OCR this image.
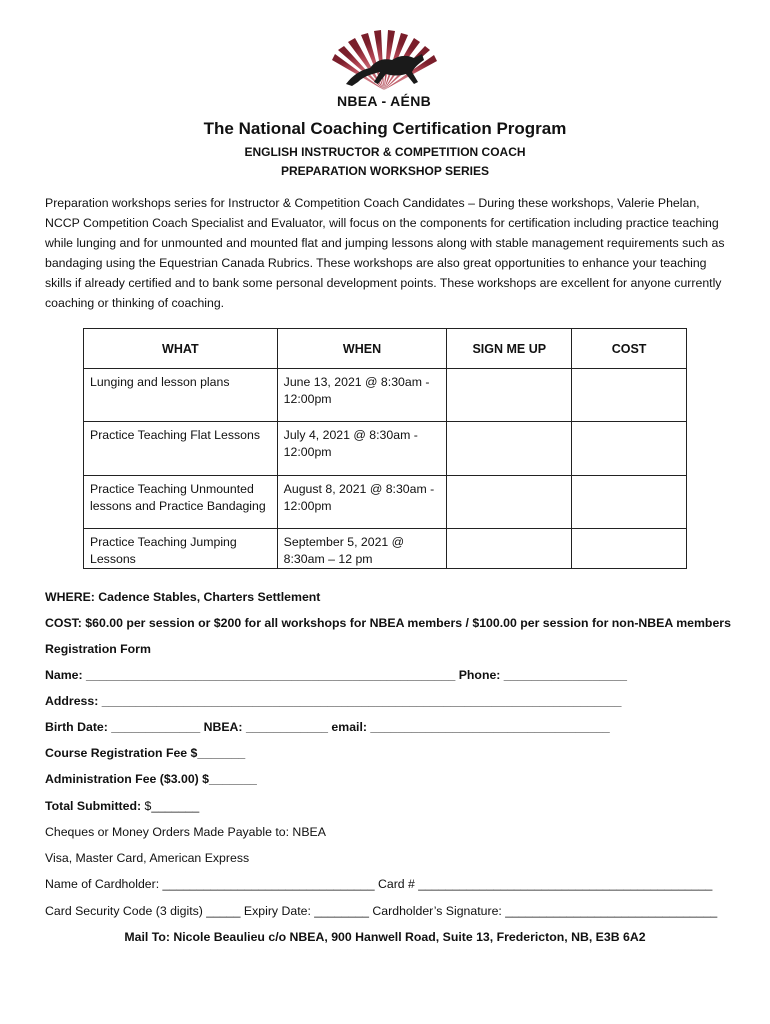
NBEA - AÉNB
The National Coaching Certification Program
ENGLISH INSTRUCTOR & COMPETITION COACH
PREPARATION WORKSHOP SERIES
Preparation workshops series for Instructor & Competition Coach Candidates – During these workshops, Valerie Phelan, NCCP Competition Coach Specialist and Evaluator, will focus on the components for certification including practice teaching while lunging and for unmounted and mounted flat and jumping lessons along with stable management requirements such as bandaging using the Equestrian Canada Rubrics. These workshops are also great opportunities to enhance your teaching skills if already certified and to bank some personal development points. These workshops are excellent for anyone currently coaching or thinking of coaching.
WHAT	WHEN	SIGN ME UP	COST
Lunging and lesson plans	June 13, 2021 @ 8:30am - 12:00pm		
Practice Teaching Flat Lessons	July 4, 2021 @ 8:30am - 12:00pm		
Practice Teaching Unmounted lessons and Practice Bandaging	August 8, 2021 @ 8:30am - 12:00pm		
Practice Teaching Jumping Lessons	September 5, 2021 @ 8:30am – 12 pm		
WHERE: Cadence Stables, Charters Settlement
COST: $60.00 per session or $200 for all workshops for NBEA members / $100.00 per session for non-NBEA members
Registration Form
Name: ______________________________________________________ Phone: __________________
Address: ____________________________________________________________________________
Birth Date: _____________ NBEA: ____________ email: ___________________________________
Course Registration Fee $_______
Administration Fee ($3.00) $_______
Total Submitted: $_______
Cheques or Money Orders Made Payable to: NBEA
Visa, Master Card, American Express
Name of Cardholder: _______________________________ Card # ___________________________________________
Card Security Code (3 digits) _____ Expiry Date: ________ Cardholder’s Signature: _______________________________
Mail To: Nicole Beaulieu c/o NBEA, 900 Hanwell Road, Suite 13, Fredericton, NB, E3B 6A2
